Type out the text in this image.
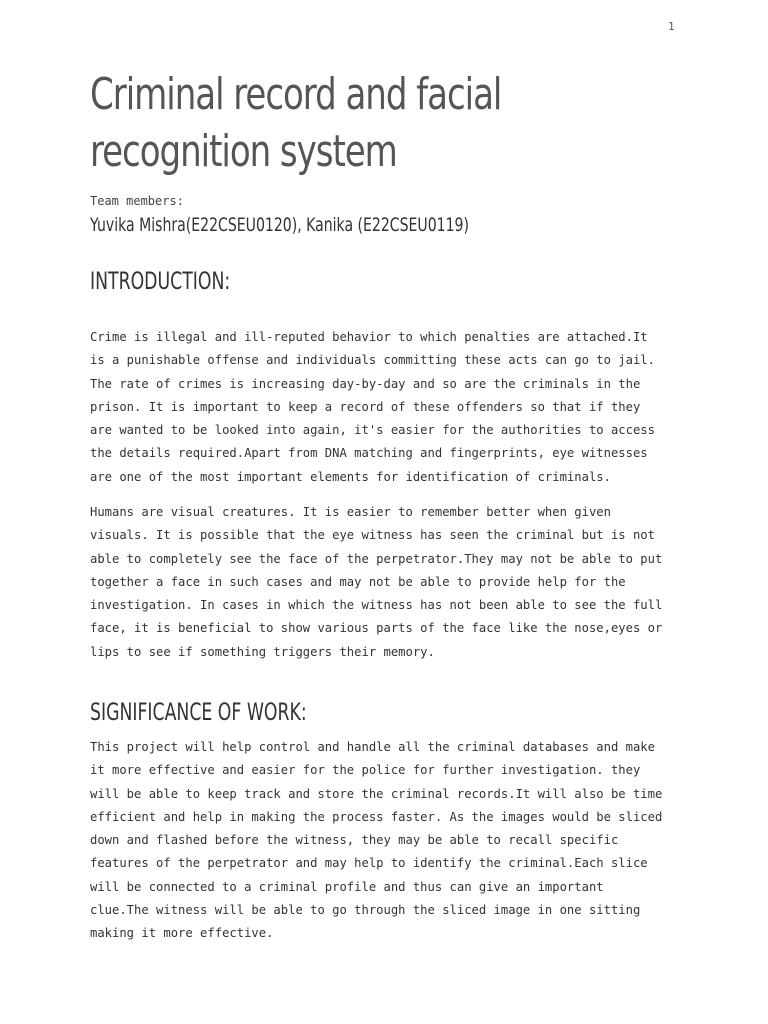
1
Criminal record and facial recognition system
Team members:
Yuvika Mishra(E22CSEU0120), Kanika (E22CSEU0119)
INTRODUCTION:

Crime is illegal and ill-reputed behavior to which penalties are attached.It
is a punishable offense and individuals committing these acts can go to jail.
The rate of crimes is increasing day-by-day and so are the criminals in the
prison. It is important to keep a record of these offenders so that if they
are wanted to be looked into again, it's easier for the authorities to access
the details required.Apart from DNA matching and fingerprints, eye witnesses
are one of the most important elements for identification of criminals.

Humans are visual creatures. It is easier to remember better when given
visuals. It is possible that the eye witness has seen the criminal but is not
able to completely see the face of the perpetrator.They may not be able to put
together a face in such cases and may not be able to provide help for the
investigation. In cases in which the witness has not been able to see the full
face, it is beneficial to show various parts of the face like the nose,eyes or
lips to see if something triggers their memory.

SIGNIFICANCE OF WORK:

This project will help control and handle all the criminal databases and make
it more effective and easier for the police for further investigation. they
will be able to keep track and store the criminal records.It will also be time
efficient and help in making the process faster. As the images would be sliced
down and flashed before the witness, they may be able to recall specific
features of the perpetrator and may help to identify the criminal.Each slice
will be connected to a criminal profile and thus can give an important
clue.The witness will be able to go through the sliced image in one sitting
making it more effective.
